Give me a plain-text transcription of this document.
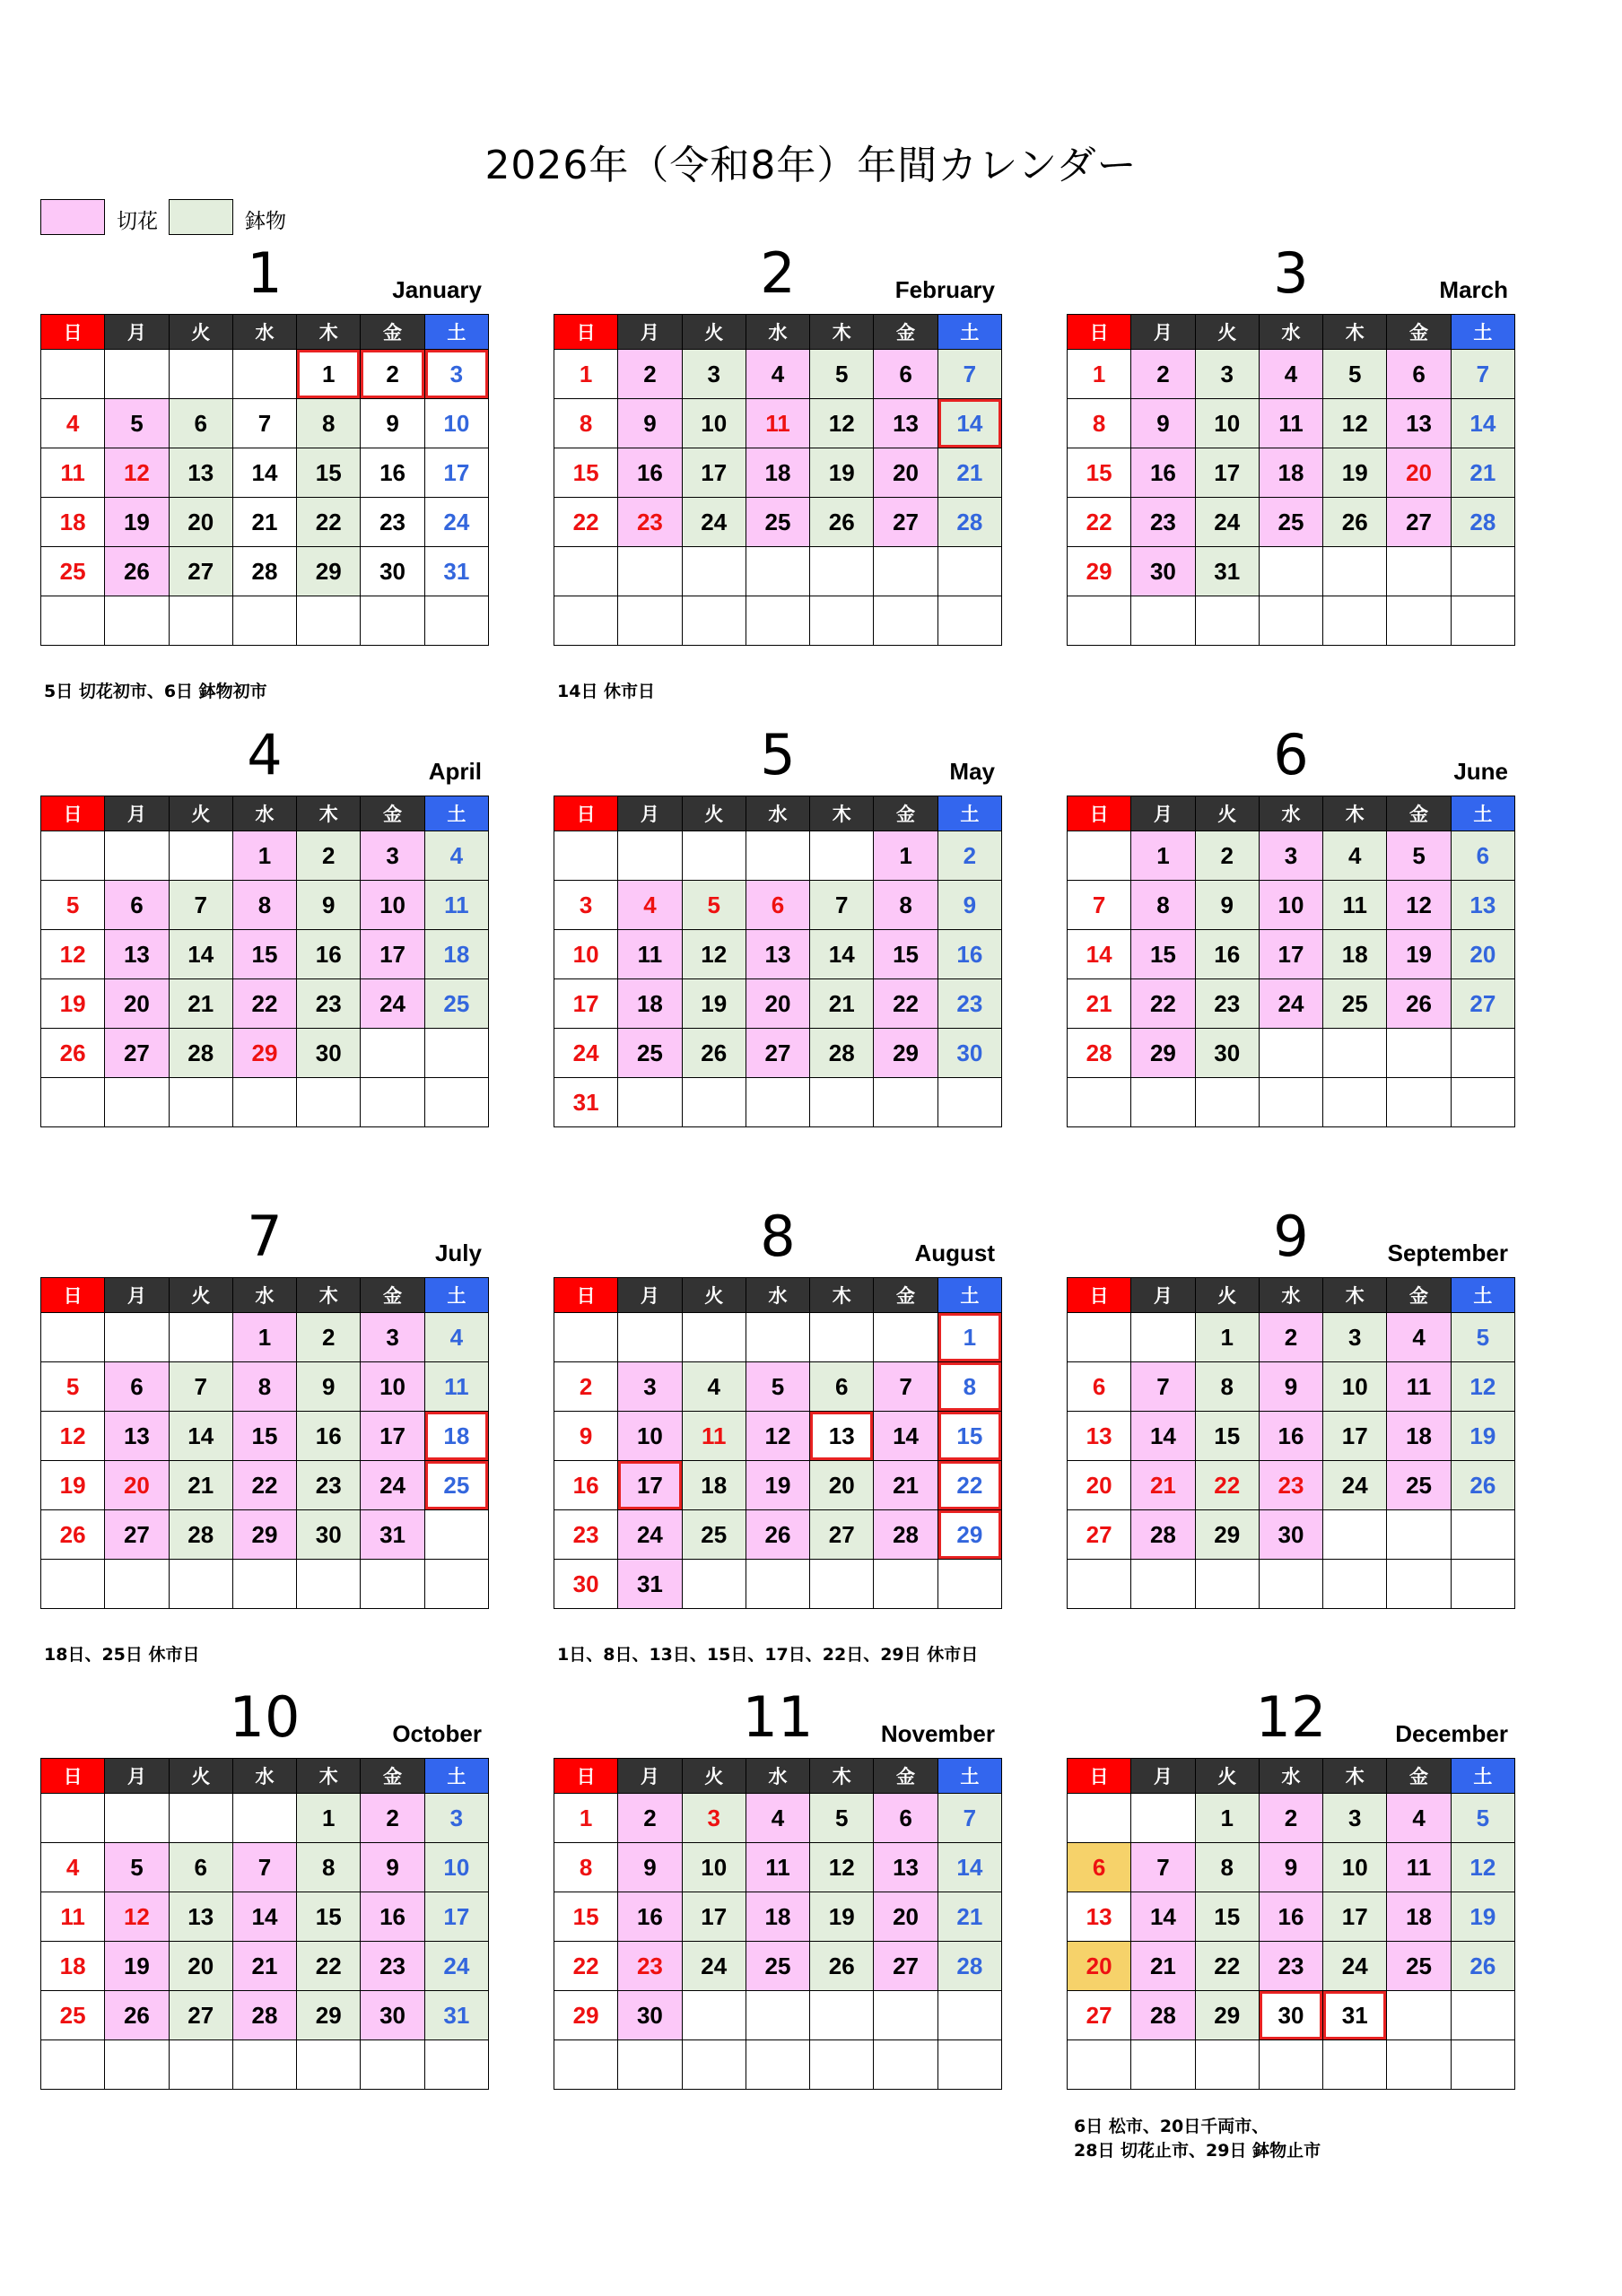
2026年（令和8年）年間カレンダー
切花	鉢物
1	January
日	月	火	水	木	金	土
				1	2	3
4	5	6	7	8	9	10
11	12	13	14	15	16	17
18	19	20	21	22	23	24
25	26	27	28	29	30	31

5日 切花初市、6日 鉢物初市
2	February
日	月	火	水	木	金	土
1	2	3	4	5	6	7
8	9	10	11	12	13	14
15	16	17	18	19	20	21
22	23	24	25	26	27	28

14日 休市日
3	March
日	月	火	水	木	金	土
1	2	3	4	5	6	7
8	9	10	11	12	13	14
15	16	17	18	19	20	21
22	23	24	25	26	27	28
29	30	31				

4	April
日	月	火	水	木	金	土
			1	2	3	4
5	6	7	8	9	10	11
12	13	14	15	16	17	18
19	20	21	22	23	24	25
26	27	28	29	30		

5	May
日	月	火	水	木	金	土
					1	2
3	4	5	6	7	8	9
10	11	12	13	14	15	16
17	18	19	20	21	22	23
24	25	26	27	28	29	30
31						
6	June
日	月	火	水	木	金	土
	1	2	3	4	5	6
7	8	9	10	11	12	13
14	15	16	17	18	19	20
21	22	23	24	25	26	27
28	29	30				

7	July
日	月	火	水	木	金	土
			1	2	3	4
5	6	7	8	9	10	11
12	13	14	15	16	17	18
19	20	21	22	23	24	25
26	27	28	29	30	31	

18日、25日 休市日
8	August
日	月	火	水	木	金	土
						1
2	3	4	5	6	7	8
9	10	11	12	13	14	15
16	17	18	19	20	21	22
23	24	25	26	27	28	29
30	31					
1日、8日、13日、15日、17日、22日、29日 休市日
9	September
日	月	火	水	木	金	土
		1	2	3	4	5
6	7	8	9	10	11	12
13	14	15	16	17	18	19
20	21	22	23	24	25	26
27	28	29	30			

10	October
日	月	火	水	木	金	土
				1	2	3
4	5	6	7	8	9	10
11	12	13	14	15	16	17
18	19	20	21	22	23	24
25	26	27	28	29	30	31

11	November
日	月	火	水	木	金	土
1	2	3	4	5	6	7
8	9	10	11	12	13	14
15	16	17	18	19	20	21
22	23	24	25	26	27	28
29	30					

12	December
日	月	火	水	木	金	土
		1	2	3	4	5
6	7	8	9	10	11	12
13	14	15	16	17	18	19
20	21	22	23	24	25	26
27	28	29	30	31		

6日 松市、20日千両市、
28日 切花止市、29日 鉢物止市
